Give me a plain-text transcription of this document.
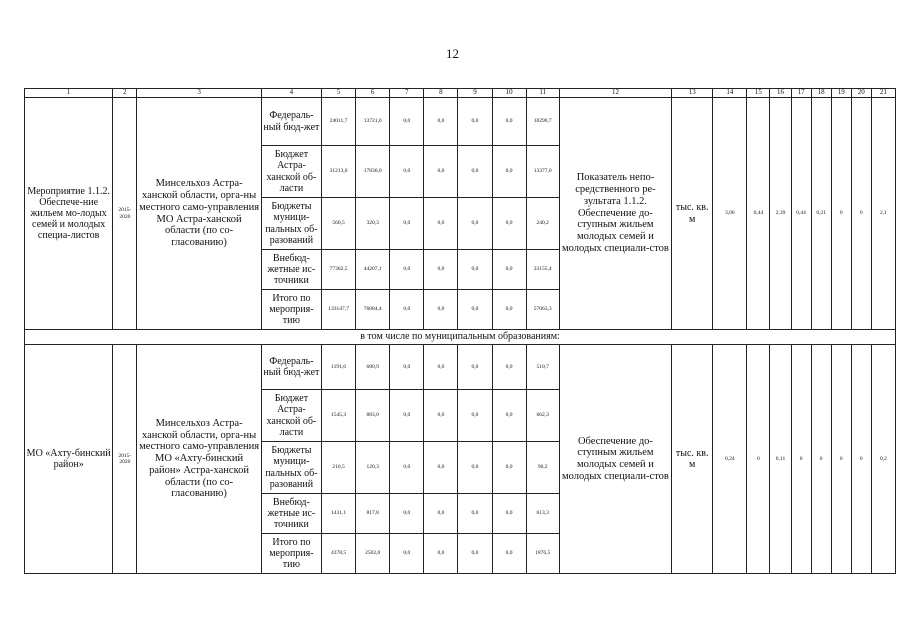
12
1	2	3	4	5	6	7	8	9	10	11	12	13	14	15	16	17	18	19	20	21
Мероприятие 1.1.2. Обеспече-ние жильем мо-лодых семей и молодых специа-листов	2015-2020	Минсельхоз Астра-ханской области, орга-ны местного само-управления МО Астра-ханской области (по со-гласованию)	Федераль-ный бюд-жет	24011,7	13721,0	0,0	0,0	0,0	0,0	10290,7	Показатель непо-средственного ре-зультата 1.1.2. Обеспечение до-ступным жильем молодых семей и молодых специали-стов	тыс. кв. м	3,06	0,44	2,39	0,44	0,21	0	0	2,1
			Бюджет Астра-ханской об-ласти	31213,0	17836,0	0,0	0,0	0,0	0,0	13377,0										
			Бюджеты муници-пальных об-разований	560,5	320,3	0,0	0,0	0,0	0,0	240,2										
			Внебюд-жетные ис-точники	77362,5	44207,1	0,0	0,0	0,0	0,0	33155,4										
			Итого по мероприя-тию	133147,7	76084,4	0,0	0,0	0,0	0,0	57063,3										
в том числе по муниципальным образованиям:																				
МО «Ахту-бинский район»	2015-2020	Минсельхоз Астра-ханской области, орга-ны местного само-управления МО «Ахту-бинский район» Астра-ханской области (по со-гласованию)	Федераль-ный бюд-жет	1191,6	680,9	0,0	0,0	0,0	0,0	510,7	Обеспечение до-ступным жильем молодых семей и молодых специали-стов	тыс. кв. м	0,24	0	0,11	0	0	0	0	0,2
			Бюджет Астра-ханской об-ласти	1545,3	883,0	0,0	0,0	0,0	0,0	662,3										
			Бюджеты муници-пальных об-разований	210,5	120,3	0,0	0,0	0,0	0,0	90,2										
			Внебюд-жетные ис-точники	1431,1	817,8	0,0	0,0	0,0	0,0	613,3										
			Итого по мероприя-тию	4378,5	2502,0	0,0	0,0	0,0	0,0	1876,5										
